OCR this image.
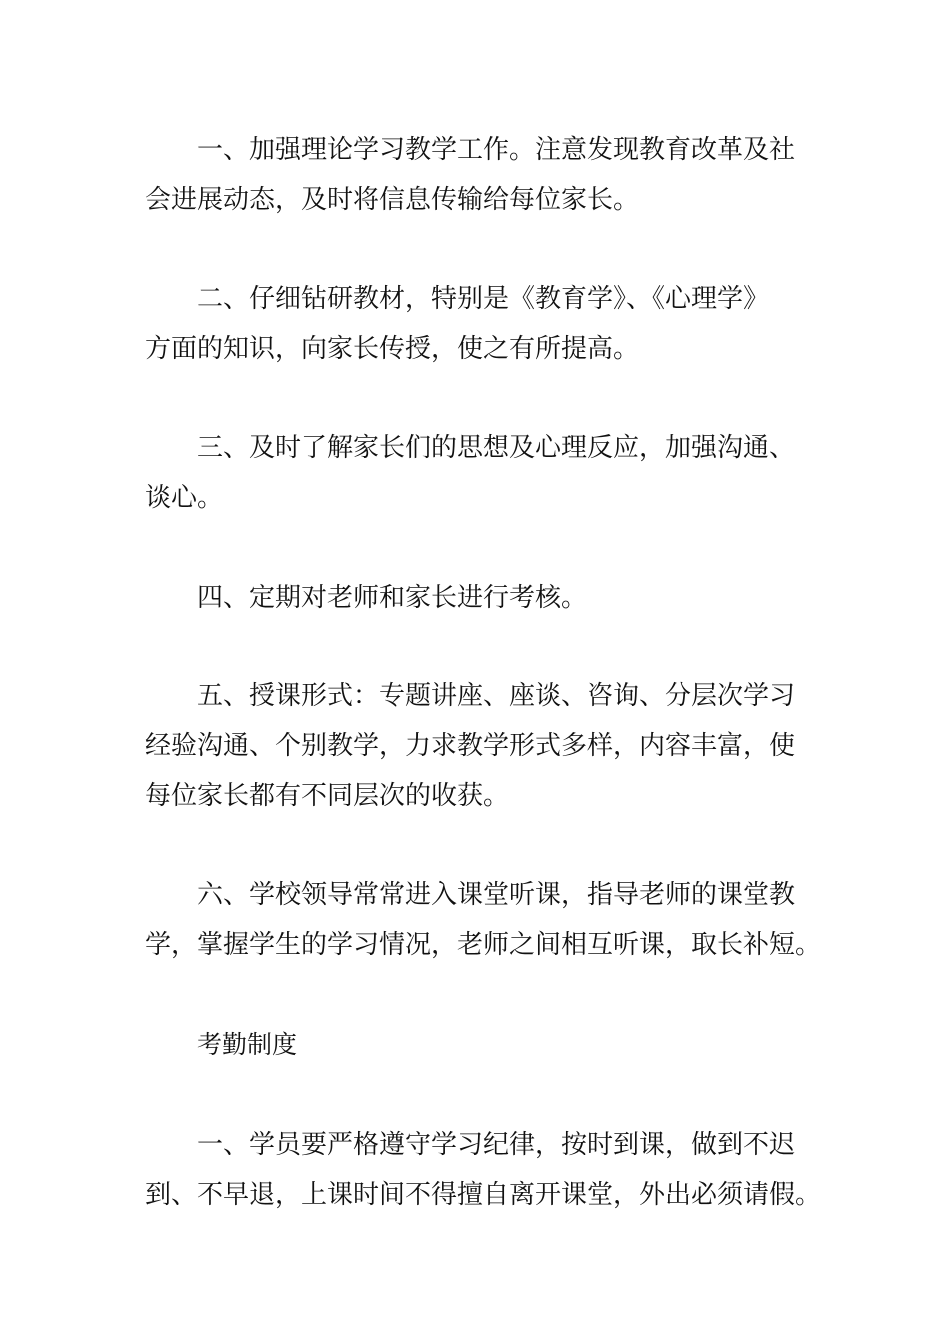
一、加强理论学习教学工作。注意发现教育改革及社
会进展动态，及时将信息传输给每位家长。

二、仔细钻研教材，特别是《教育学》、《心理学》
方面的知识，向家长传授，使之有所提高。

三、及时了解家长们的思想及心理反应，加强沟通、
谈心。

四、定期对老师和家长进行考核。

五、授课形式：专题讲座、座谈、咨询、分层次学习
经验沟通、个别教学，力求教学形式多样，内容丰富，使
每位家长都有不同层次的收获。

六、学校领导常常进入课堂听课，指导老师的课堂教
学，掌握学生的学习情况，老师之间相互听课，取长补短。

考勤制度

一、学员要严格遵守学习纪律，按时到课，做到不迟
到、不早退，上课时间不得擅自离开课堂，外出必须请假。
